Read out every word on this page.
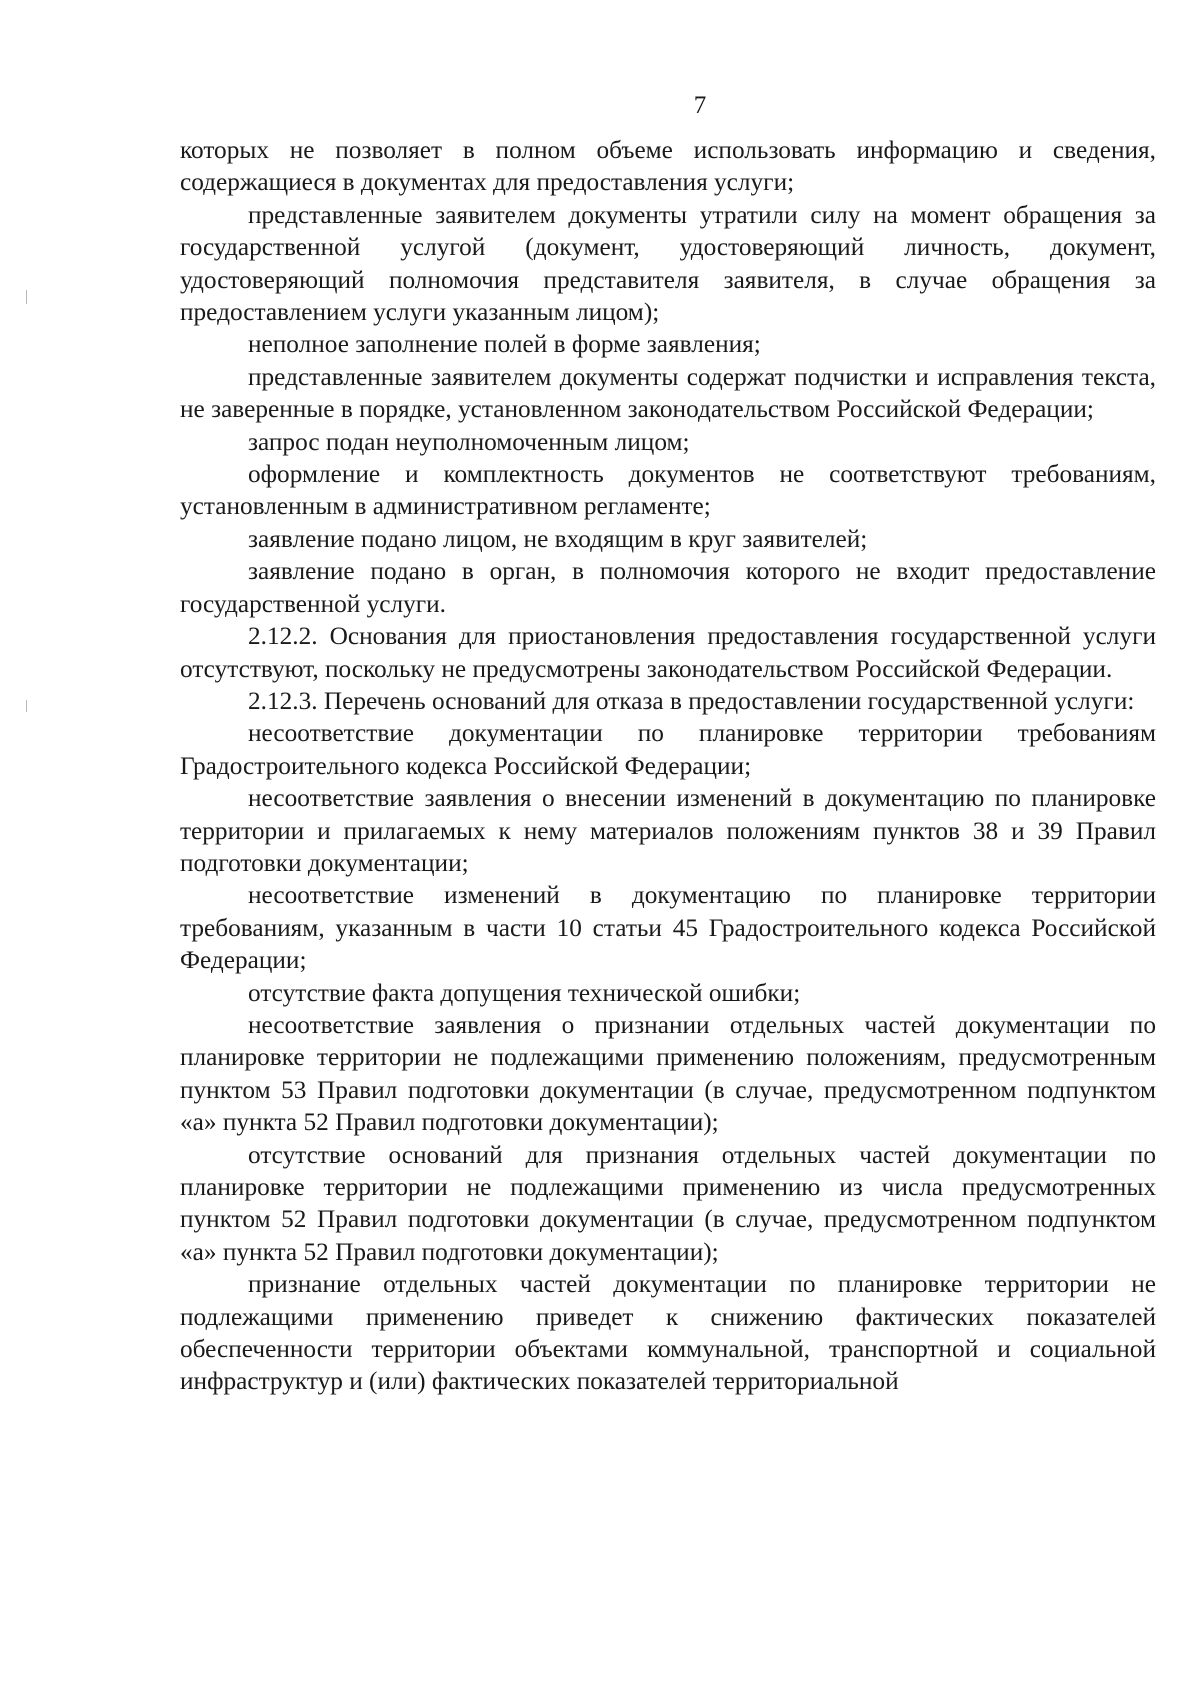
7

которых не позволяет в полном объеме использовать информацию и сведения, содержащиеся в документах для предоставления услуги;

представленные заявителем документы утратили силу на момент обращения за государственной услугой (документ, удостоверяющий личность, документ, удостоверяющий полномочия представителя заявителя, в случае обращения за предоставлением услуги указанным лицом);

неполное заполнение полей в форме заявления;

представленные заявителем документы содержат подчистки и исправления текста, не заверенные в порядке, установленном законодательством Российской Федерации;

запрос подан неуполномоченным лицом;

оформление и комплектность документов не соответствуют требованиям, установленным в административном регламенте;

заявление подано лицом, не входящим в круг заявителей;

заявление подано в орган, в полномочия которого не входит предоставление государственной услуги.

2.12.2. Основания для приостановления предоставления государственной услуги отсутствуют, поскольку не предусмотрены законодательством Российской Федерации.

2.12.3. Перечень оснований для отказа в предоставлении государственной услуги:

несоответствие документации по планировке территории требованиям Градостроительного кодекса Российской Федерации;

несоответствие заявления о внесении изменений в документацию по планировке территории и прилагаемых к нему материалов положениям пунктов 38 и 39 Правил подготовки документации;

несоответствие изменений в документацию по планировке территории требованиям, указанным в части 10 статьи 45 Градостроительного кодекса Российской Федерации;

отсутствие факта допущения технической ошибки;

несоответствие заявления о признании отдельных частей документации по планировке территории не подлежащими применению положениям, предусмотренным пунктом 53 Правил подготовки документации (в случае, предусмотренном подпунктом «а» пункта 52 Правил подготовки документации);

отсутствие оснований для признания отдельных частей документации по планировке территории не подлежащими применению из числа предусмотренных пунктом 52 Правил подготовки документации (в случае, предусмотренном подпунктом «а» пункта 52 Правил подготовки документации);

признание отдельных частей документации по планировке территории не подлежащими применению приведет к снижению фактических показателей обеспеченности территории объектами коммунальной, транспортной и социальной инфраструктур и (или) фактических показателей территориальной
